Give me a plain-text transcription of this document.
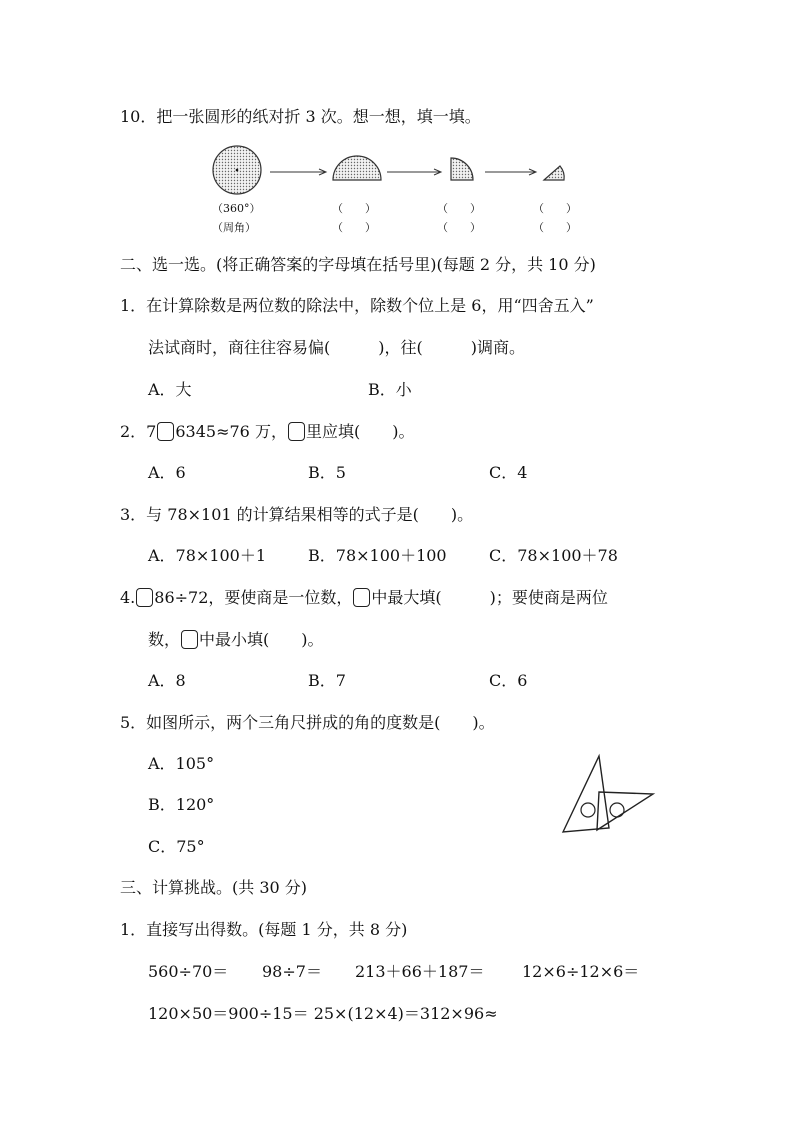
10．把一张圆形的纸对折 3 次。想一想，填一填。
（360°）	（　　）	（　　）	（　　）
（周角）	（　　）	（　　）	（　　）
二、选一选。(将正确答案的字母填在括号里)(每题 2 分，共 10 分)
1．在计算除数是两位数的除法中，除数个位上是 6，用“四舍五入”
法试商时，商往往容易偏(　　　)，往(　　　)调商。
A．大	B．小
2．7 6345≈76 万， 里应填(　　)。
A．6	B．5	C．4
3．与 78×101 的计算结果相等的式子是(　　)。
A．78×100＋1	B．78×100＋100	C．78×100＋78
4. 86÷72，要使商是一位数， 中最大填(　　　)；要使商是两位
数， 中最小填(　　)。
A．8	B．7	C．6
5．如图所示，两个三角尺拼成的角的度数是(　　)。
A．105°
B．120°
C．75°
三、计算挑战。(共 30 分)
1．直接写出得数。(每题 1 分，共 8 分)
560÷70＝ 98÷7＝ 213＋66＋187＝ 12×6÷12×6＝
120×50＝900÷15＝ 25×(12×4)＝312×96≈
